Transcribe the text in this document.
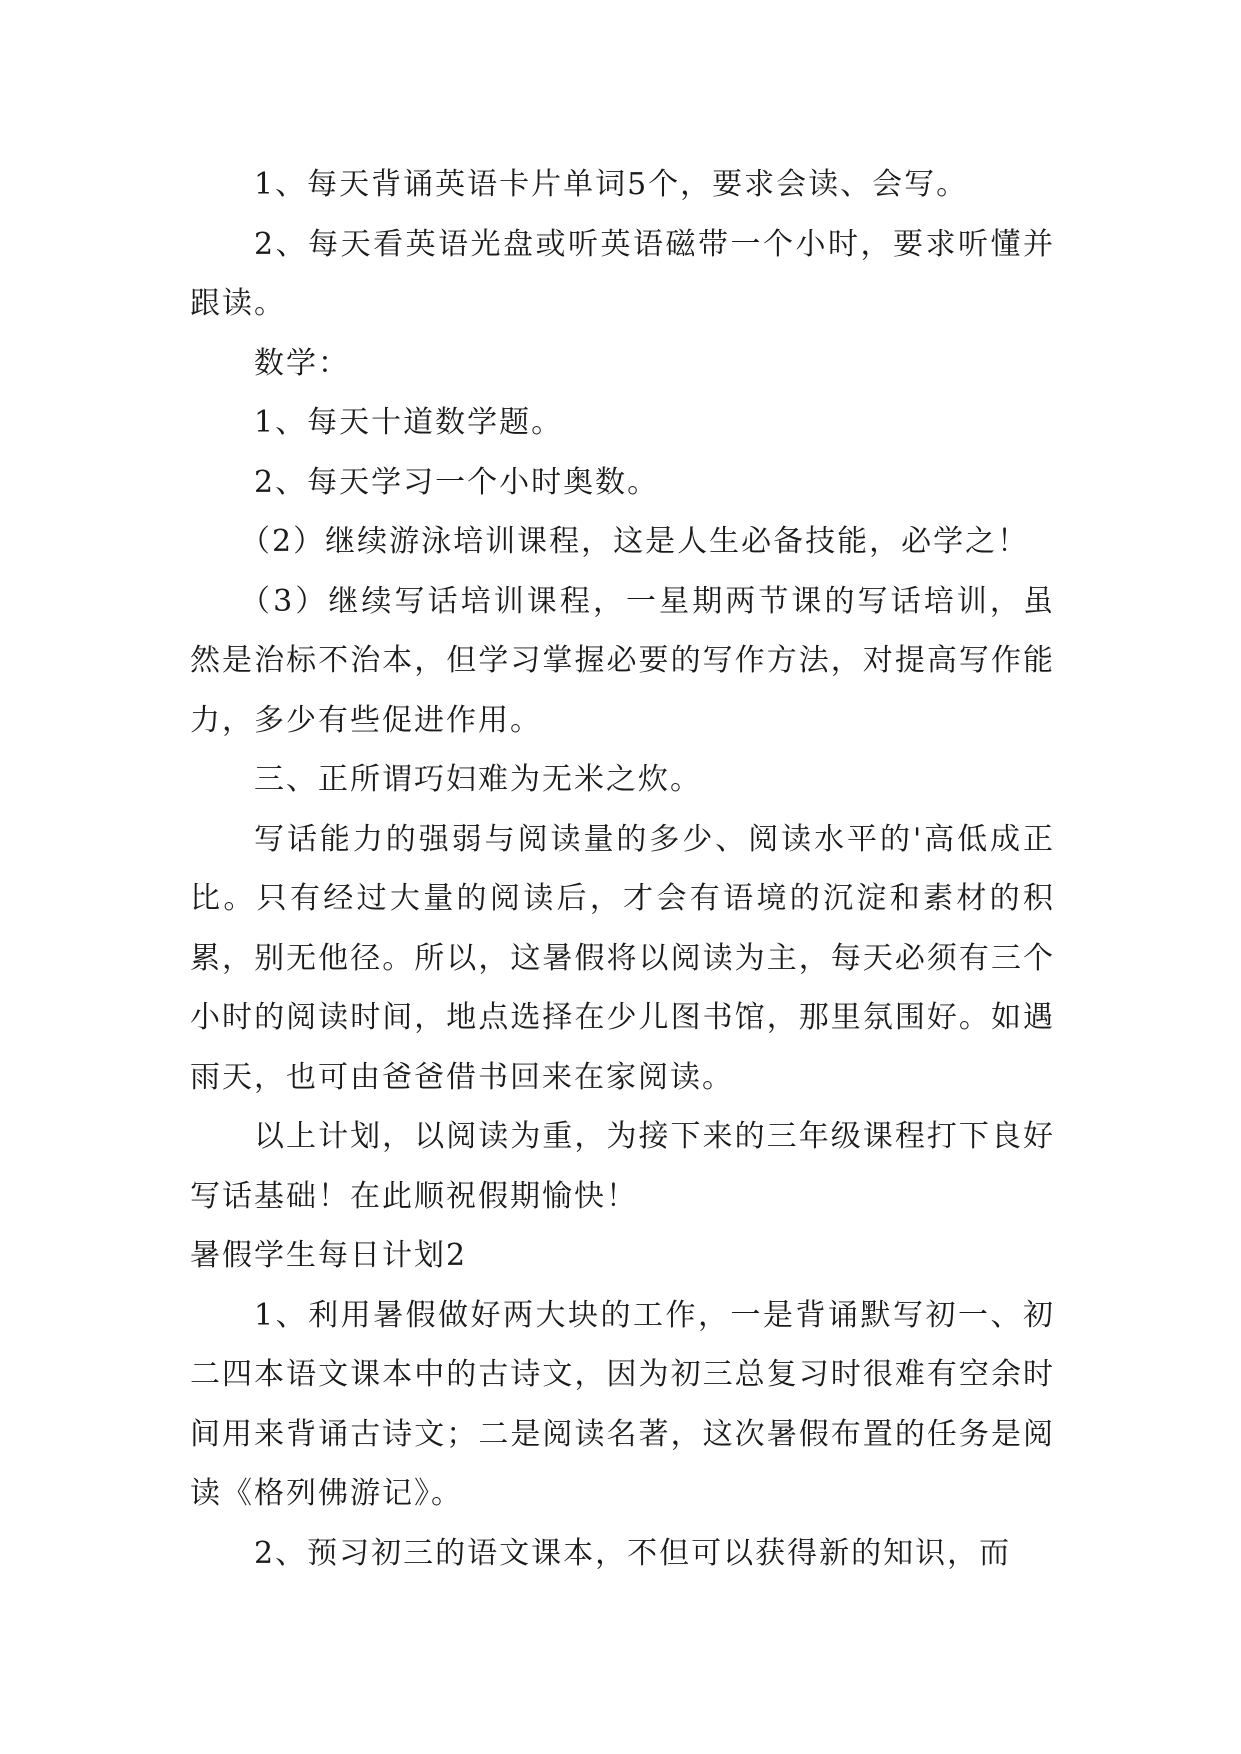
1、每天背诵英语卡片单词5个，要求会读、会写。

2、每天看英语光盘或听英语磁带一个小时，要求听懂并跟读。

数学：

1、每天十道数学题。

2、每天学习一个小时奥数。

（2）继续游泳培训课程，这是人生必备技能，必学之！

（3）继续写话培训课程，一星期两节课的写话培训，虽然是治标不治本，但学习掌握必要的写作方法，对提高写作能力，多少有些促进作用。

三、正所谓巧妇难为无米之炊。

写话能力的强弱与阅读量的多少、阅读水平的'高低成正比。只有经过大量的阅读后，才会有语境的沉淀和素材的积累，别无他径。所以，这暑假将以阅读为主，每天必须有三个小时的阅读时间，地点选择在少儿图书馆，那里氛围好。如遇雨天，也可由爸爸借书回来在家阅读。

以上计划，以阅读为重，为接下来的三年级课程打下良好写话基础！在此顺祝假期愉快！

暑假学生每日计划2

1、利用暑假做好两大块的工作，一是背诵默写初一、初二四本语文课本中的古诗文，因为初三总复习时很难有空余时间用来背诵古诗文；二是阅读名著，这次暑假布置的任务是阅读《格列佛游记》。

2、预习初三的语文课本，不但可以获得新的知识，而
